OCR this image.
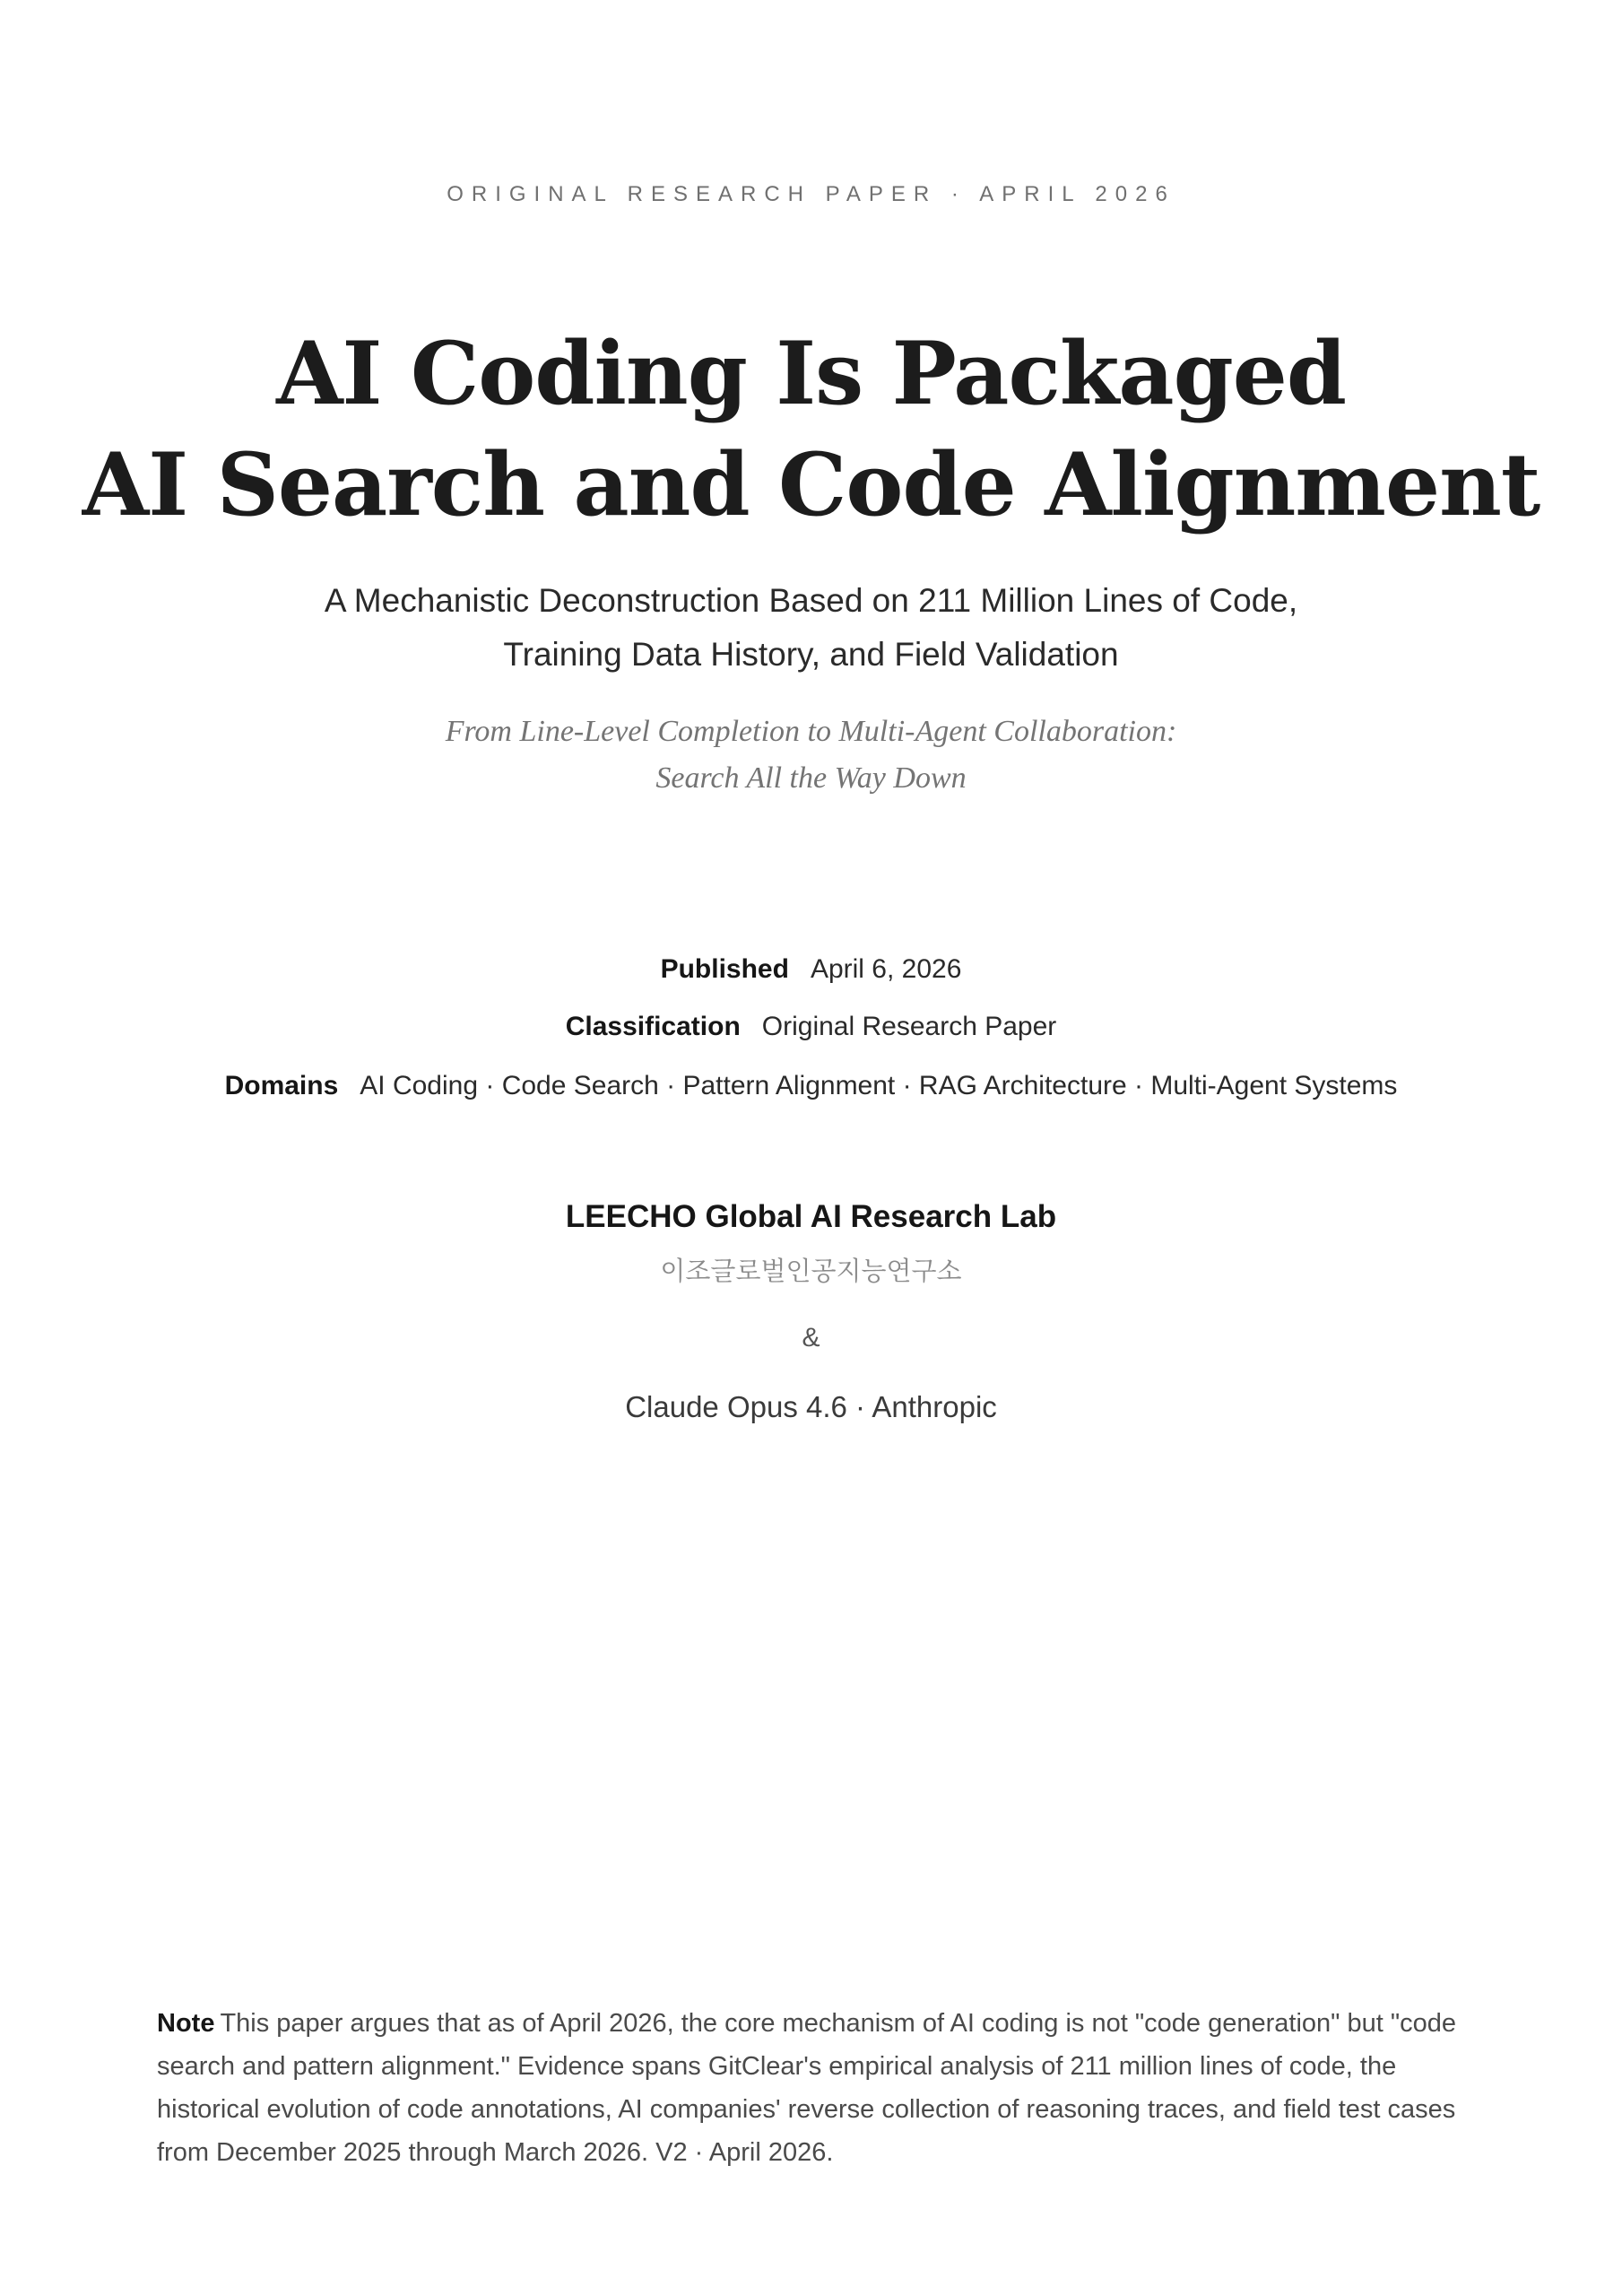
ORIGINAL RESEARCH PAPER · APRIL 2026
AI Coding Is Packaged
AI Search and Code Alignment
A Mechanistic Deconstruction Based on 211 Million Lines of Code,
Training Data History, and Field Validation
From Line-Level Completion to Multi-Agent Collaboration:
Search All the Way Down
Published April 6, 2026
Classification Original Research Paper
Domains AI Coding · Code Search · Pattern Alignment · RAG Architecture · Multi-Agent Systems
LEECHO Global AI Research Lab
이조글로벌인공지능연구소
&
Claude Opus 4.6 · Anthropic
Note This paper argues that as of April 2026, the core mechanism of AI coding is not "code generation" but "code search and pattern alignment." Evidence spans GitClear's empirical analysis of 211 million lines of code, the historical evolution of code annotations, AI companies' reverse collection of reasoning traces, and field test cases from December 2025 through March 2026. V2 · April 2026.
